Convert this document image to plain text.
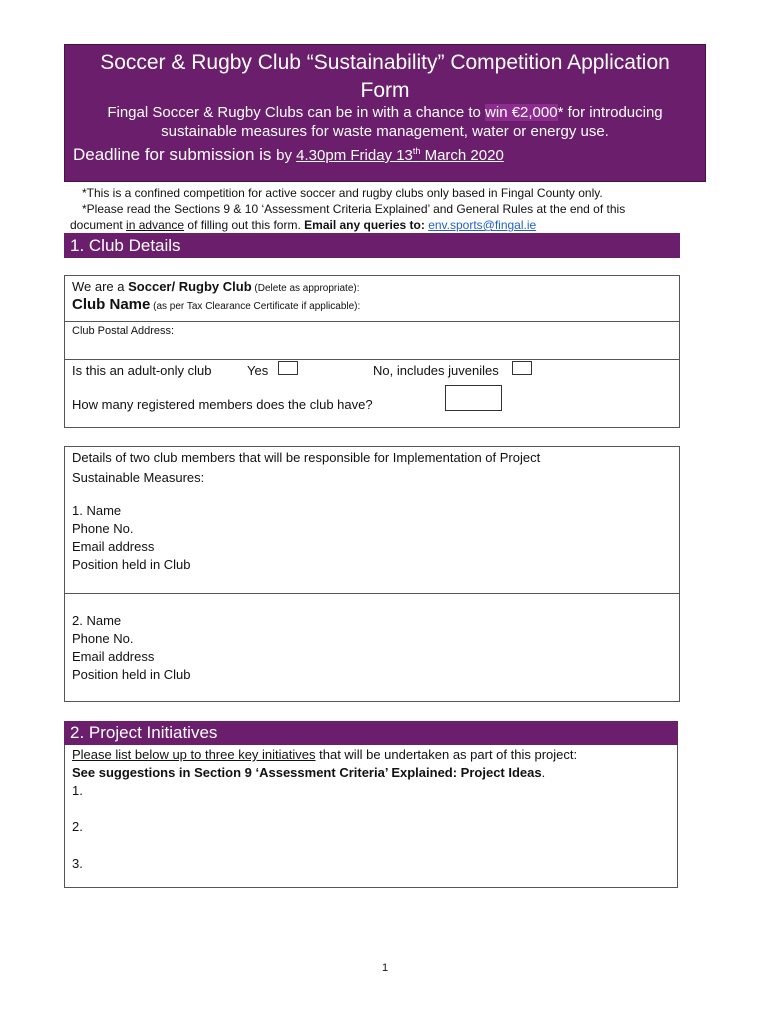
Soccer & Rugby Club “Sustainability” Competition Application
Form
Fingal Soccer & Rugby Clubs can be in with a chance to win €2,000* for introducing
sustainable measures for waste management, water or energy use.
Deadline for submission is by 4.30pm Friday 13th March 2020
*This is a confined competition for active soccer and rugby clubs only based in Fingal County only.
*Please read the Sections 9 & 10 ‘Assessment Criteria Explained’ and General Rules at the end of this
document in advance of filling out this form. Email any queries to: env.sports@fingal.ie
1. Club Details
We are a Soccer/ Rugby Club (Delete as appropriate):
Club Name (as per Tax Clearance Certificate if applicable):
Club Postal Address:
Is this an adult-only club	Yes	No, includes juveniles
How many registered members does the club have?
Details of two club members that will be responsible for Implementation of Project
Sustainable Measures:
1. Name
Phone No.
Email address
Position held in Club
2. Name
Phone No.
Email address
Position held in Club
2. Project Initiatives
Please list below up to three key initiatives that will be undertaken as part of this project:
See suggestions in Section 9 ‘Assessment Criteria’ Explained: Project Ideas.
1.
2.
3.
1
